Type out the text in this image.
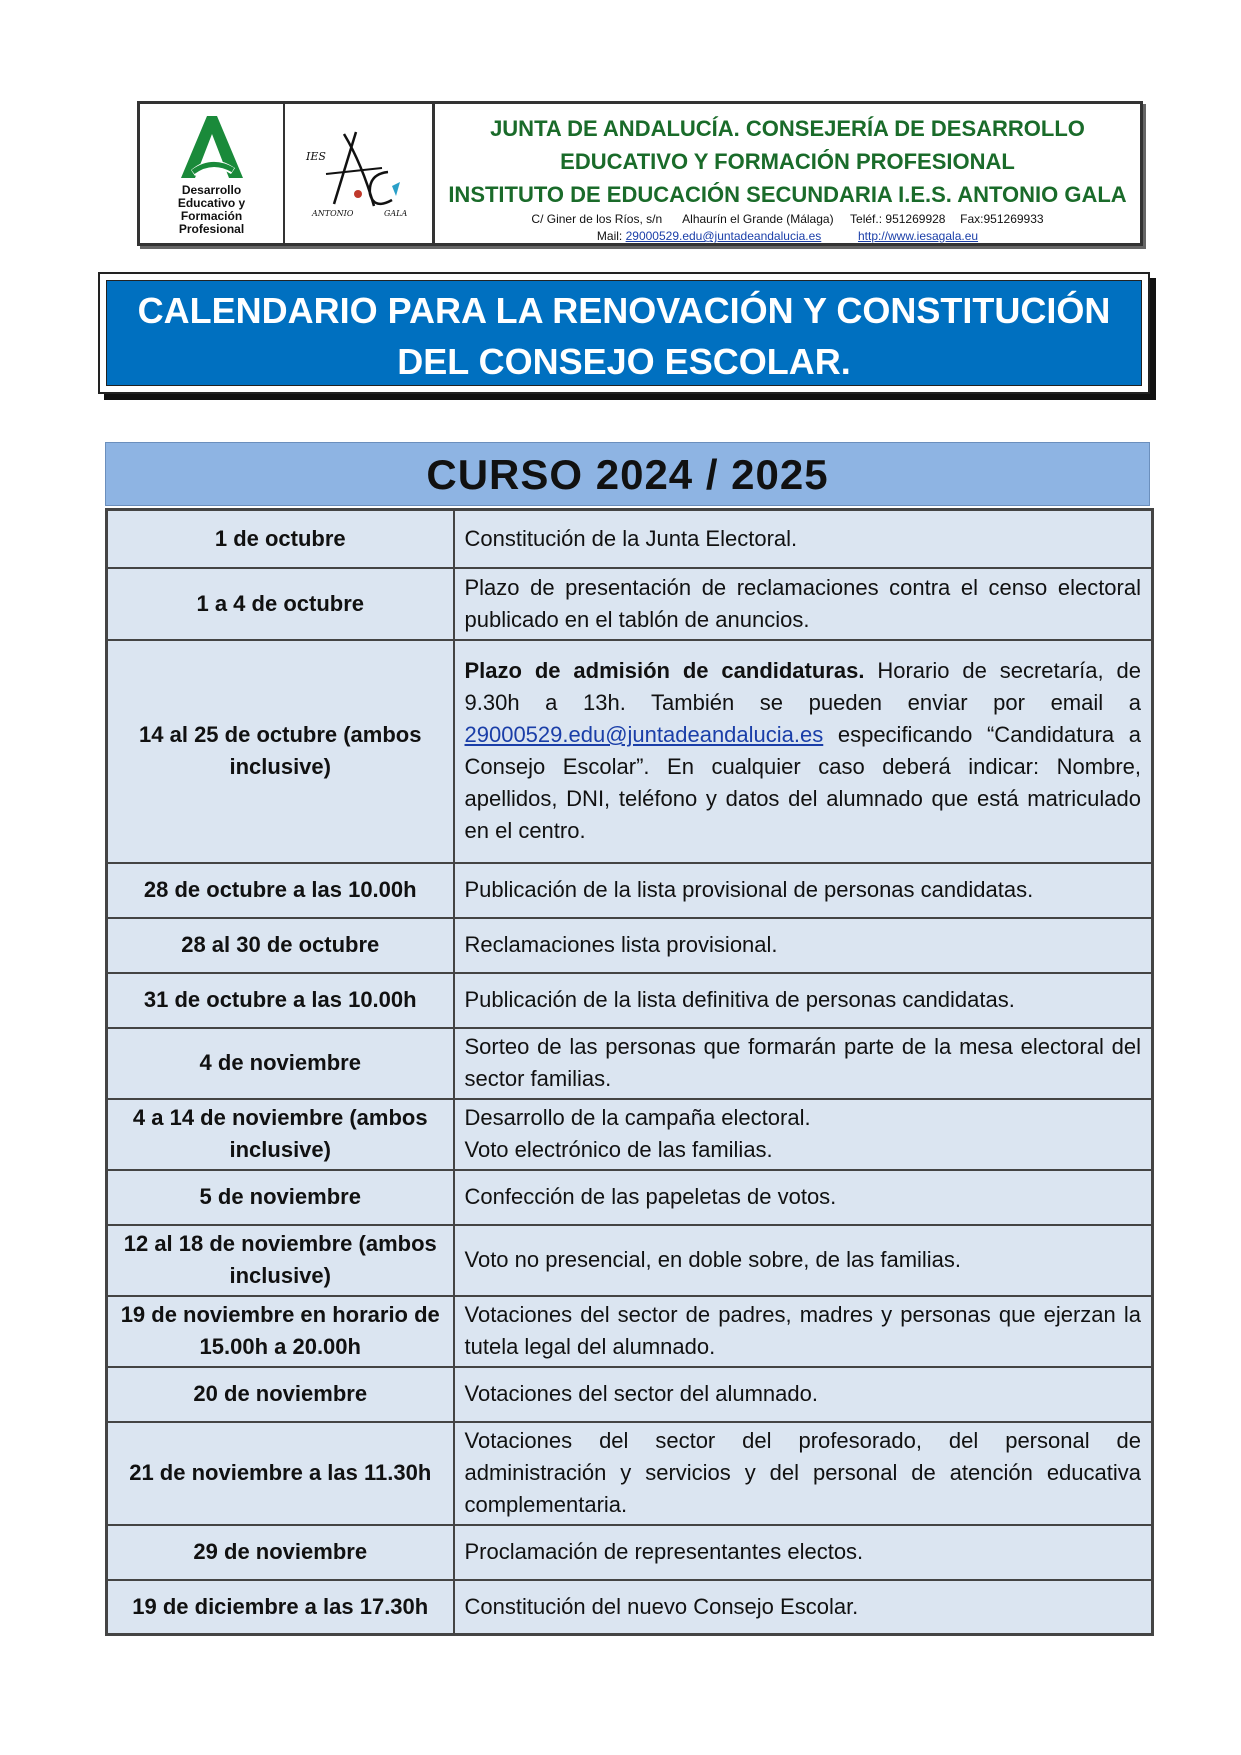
Desarrollo
Educativo y
Formación
Profesional
IES
ANTONIO	GALA
JUNTA DE ANDALUCÍA. CONSEJERÍA DE DESARROLLO
EDUCATIVO Y FORMACIÓN PROFESIONAL
INSTITUTO DE EDUCACIÓN SECUNDARIA I.E.S. ANTONIO GALA
C/ Giner de los Ríos, s/n Alhaurín el Grande (Málaga) Teléf.: 951269928 Fax:951269933
Mail: 29000529.edu@juntadeandalucia.es	http://www.iesagala.eu
CALENDARIO PARA LA RENOVACIÓN Y CONSTITUCIÓN
DEL CONSEJO ESCOLAR.
CURSO 2024 / 2025
1 de octubre	Constitución de la Junta Electoral.
1 a 4 de octubre	Plazo de presentación de reclamaciones contra el censo electoral publicado en el tablón de anuncios.
14 al 25 de octubre (ambos inclusive)	Plazo de admisión de candidaturas. Horario de secretaría, de 9.30h a 13h. También se pueden enviar por email a 29000529.edu@juntadeandalucia.es especificando “Candidatura a Consejo Escolar”. En cualquier caso deberá indicar: Nombre, apellidos, DNI, teléfono y datos del alumnado que está matriculado en el centro.
28 de octubre a las 10.00h	Publicación de la lista provisional de personas candidatas.
28 al 30 de octubre	Reclamaciones lista provisional.
31 de octubre a las 10.00h	Publicación de la lista definitiva de personas candidatas.
4 de noviembre	Sorteo de las personas que formarán parte de la mesa electoral del sector familias.
4 a 14 de noviembre (ambos inclusive)	Desarrollo de la campaña electoral.
Voto electrónico de las familias.

5 de noviembre	Confección de las papeletas de votos.
12 al 18 de noviembre (ambos inclusive)	Voto no presencial, en doble sobre, de las familias.
19 de noviembre en horario de 15.00h a 20.00h	Votaciones del sector de padres, madres y personas que ejerzan la tutela legal del alumnado.
20 de noviembre	Votaciones del sector del alumnado.
21 de noviembre a las 11.30h	Votaciones del sector del profesorado, del personal de administración y servicios y del personal de atención educativa complementaria.
29 de noviembre	Proclamación de representantes electos.
19 de diciembre a las 17.30h	Constitución del nuevo Consejo Escolar.
